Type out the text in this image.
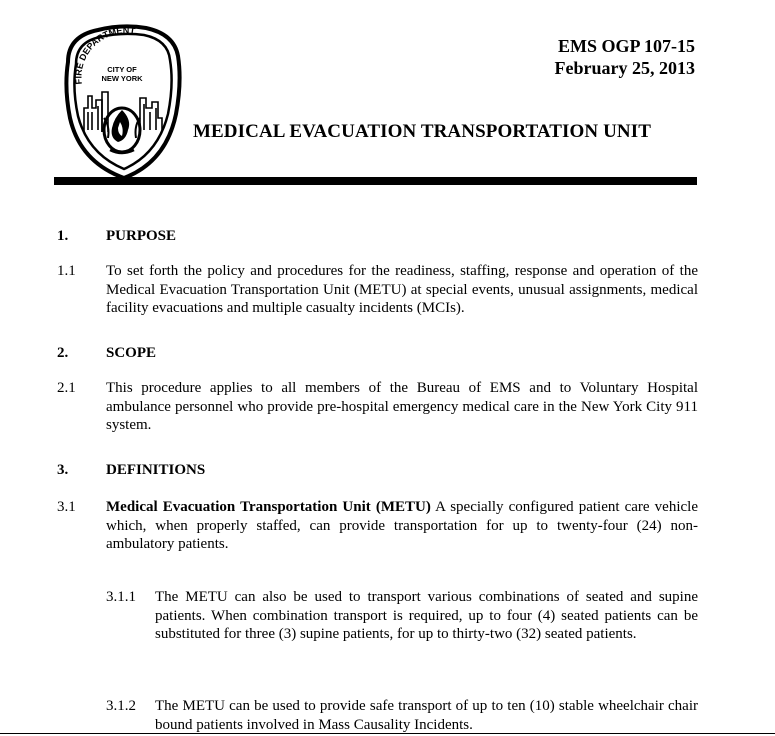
FIRE DEPARTMENT
CITY OF
NEW YORK
EMS OGP 107-15
February 25, 2013
MEDICAL EVACUATION TRANSPORTATION UNIT
1.	PURPOSE
1.1 To set forth the policy and procedures for the readiness, staffing, response and operation of the Medical Evacuation Transportation Unit (METU) at special events, unusual assignments, medical facility evacuations and multiple casualty incidents (MCIs).
2.	SCOPE
2.1 This procedure applies to all members of the Bureau of EMS and to Voluntary Hospital ambulance personnel who provide pre-hospital emergency medical care in the New York City 911 system.
3.	DEFINITIONS
3.1 Medical Evacuation Transportation Unit (METU) A specially configured patient care vehicle which, when properly staffed, can provide transportation for up to twenty-four (24) non-ambulatory patients.
3.1.1 The METU can also be used to transport various combinations of seated and supine patients. When combination transport is required, up to four (4) seated patients can be substituted for three (3) supine patients, for up to thirty-two (32) seated patients.
3.1.2 The METU can be used to provide safe transport of up to ten (10) stable wheelchair chair bound patients involved in Mass Causality Incidents.
